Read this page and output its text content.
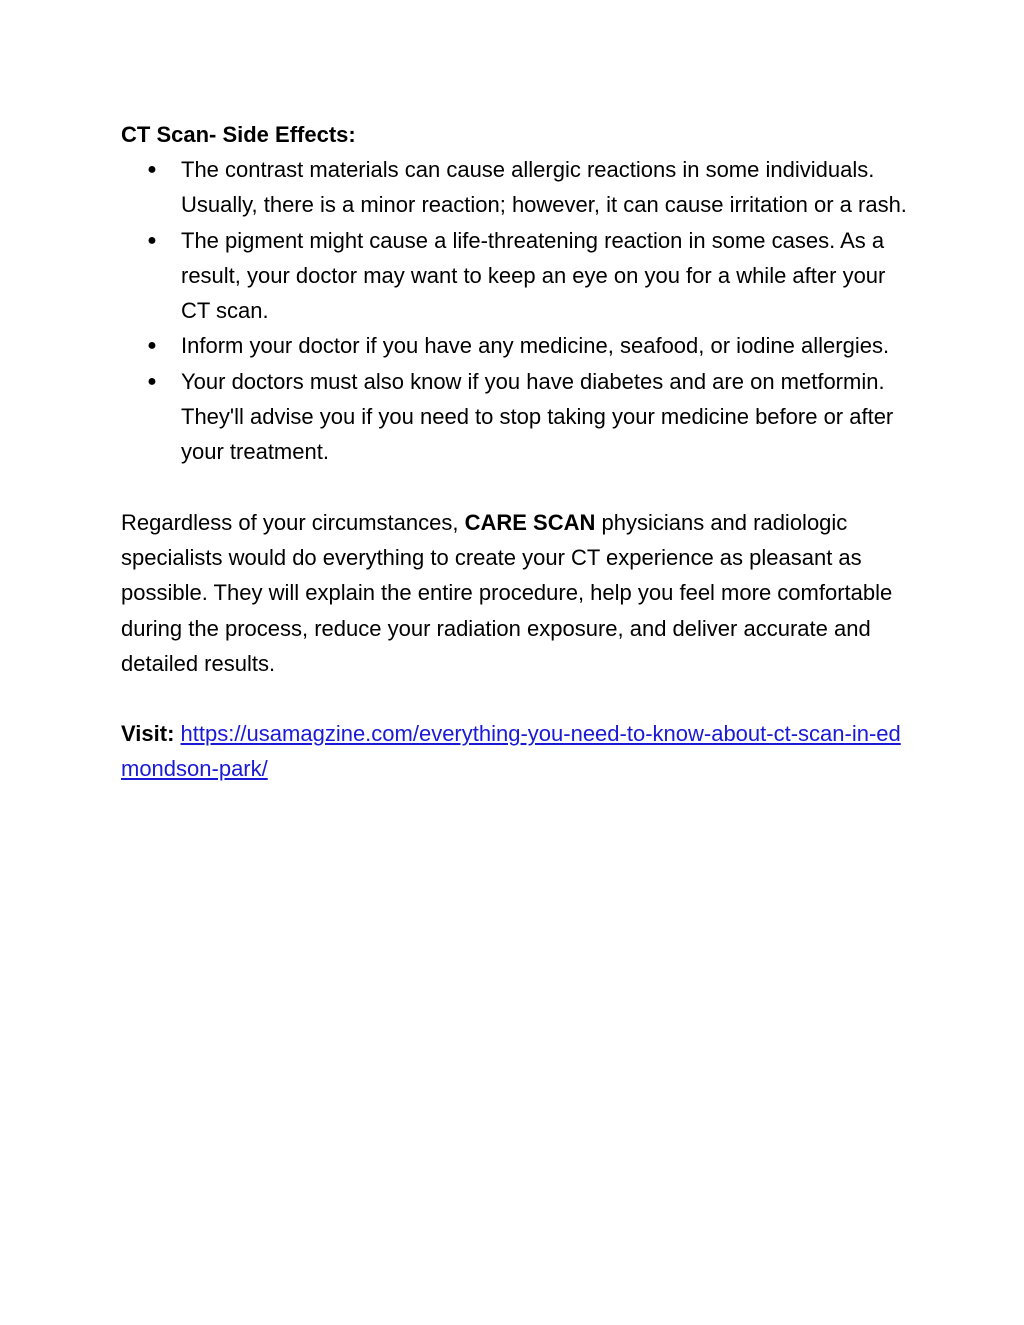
CT Scan- Side Effects:

● The contrast materials can cause allergic reactions in some individuals. Usually, there is a minor reaction; however, it can cause irritation or a rash.
● The pigment might cause a life-threatening reaction in some cases. As a result, your doctor may want to keep an eye on you for a while after your CT scan.
● Inform your doctor if you have any medicine, seafood, or iodine allergies.
● Your doctors must also know if you have diabetes and are on metformin. They'll advise you if you need to stop taking your medicine before or after your treatment.

Regardless of your circumstances, CARE SCAN physicians and radiologic specialists would do everything to create your CT experience as pleasant as possible. They will explain the entire procedure, help you feel more comfortable during the process, reduce your radiation exposure, and deliver accurate and detailed results.

Visit: https://usamagzine.com/everything-you-need-to-know-about-ct-scan-in-edmondson-park/
